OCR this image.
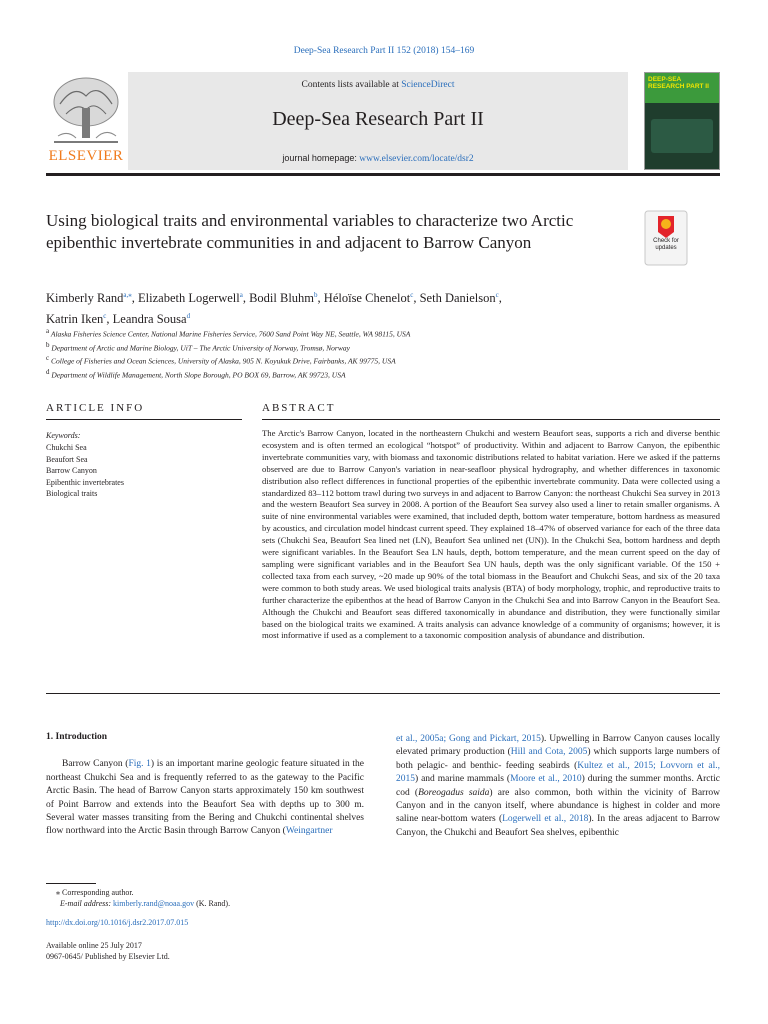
Deep-Sea Research Part II 152 (2018) 154–169
Contents lists available at ScienceDirect
Deep-Sea Research Part II
journal homepage: www.elsevier.com/locate/dsr2
ELSEVIER
DEEP-SEA RESEARCH PART II
Using biological traits and environmental variables to characterize two Arctic epibenthic invertebrate communities in and adjacent to Barrow Canyon	Check for
updates
Kimberly Rand$^{a,⁎}$, Elizabeth Logerwell$^a$, Bodil Bluhm$^b$, Héloïse Chenelot$^c$, Seth Danielson$^c$,
Katrin Iken$^c$, Leandra Sousa$^d$
$^a$ Alaska Fisheries Science Center, National Marine Fisheries Service, 7600 Sand Point Way NE, Seattle, WA 98115, USA
$^b$ Department of Arctic and Marine Biology, UiT – The Arctic University of Norway, Tromsø, Norway
$^c$ College of Fisheries and Ocean Sciences, University of Alaska, 905 N. Koyukuk Drive, Fairbanks, AK 99775, USA
$^d$ Department of Wildlife Management, North Slope Borough, PO BOX 69, Barrow, AK 99723, USA
ARTICLE INFO	ABSTRACT
Keywords:
Chukchi Sea
Beaufort Sea
Barrow Canyon
Epibenthic invertebrates
Biological traits
The Arctic's Barrow Canyon, located in the northeastern Chukchi and western Beaufort seas, supports a rich and diverse benthic ecosystem and is often termed an ecological “hotspot” of productivity. Within and adjacent to Barrow Canyon, the epibenthic invertebrate communities vary, with biomass and taxonomic distributions related to habitat variation. Here we asked if the patterns observed are due to Barrow Canyon's variation in near-seafloor physical hydrography, and whether differences in taxonomic distribution also reflect differences in functional properties of the epibenthic invertebrate community. Data were collected using a standardized 83–112 bottom trawl during two surveys in and adjacent to Barrow Canyon: the northeast Chukchi Sea survey in 2013 and the western Beaufort Sea survey in 2008. A portion of the Beaufort Sea survey also used a liner to retain smaller organisms. A suite of nine environmental variables were examined, that included depth, bottom water temperature, bottom hardness as measured by acoustics, and circulation model hindcast current speed. They explained 18–47% of observed variance for each of the three data sets (Chukchi Sea, Beaufort Sea lined net (LN), Beaufort Sea unlined net (UN)). In the Chukchi Sea, bottom hardness and depth were significant variables. In the Beaufort Sea LN hauls, depth, bottom temperature, and the mean current speed on the day of sampling were significant variables and in the Beaufort Sea UN hauls, depth was the only significant variable. Of the 150 + collected taxa from each survey, ~20 made up 90% of the total biomass in the Beaufort and Chukchi Seas, and six of the 20 taxa were common to both study areas. We used biological traits analysis (BTA) of body morphology, trophic, and reproductive traits to further characterize the epibenthos at the head of Barrow Canyon in the Chukchi Sea and into Barrow Canyon in the Beaufort Sea. Although the Chukchi and Beaufort seas differed taxonomically in abundance and distribution, they were functionally similar based on the biological traits we examined. A traits analysis can advance knowledge of a community of organisms; however, it is most informative if used as a complement to a taxonomic composition analysis of abundance and distribution.
1. Introduction
Barrow Canyon (Fig. 1) is an important marine geologic feature situated in the northeast Chukchi Sea and is frequently referred to as the gateway to the Pacific Arctic Basin. The head of Barrow Canyon starts approximately 150 km southwest of Point Barrow and extends into the Beaufort Sea with depths up to 300 m. Several water masses transiting from the Bering and Chukchi continental shelves flow northward into the Arctic Basin through Barrow Canyon (Weingartner
et al., 2005a; Gong and Pickart, 2015). Upwelling in Barrow Canyon causes locally elevated primary production (Hill and Cota, 2005) which supports large numbers of both pelagic- and benthic- feeding seabirds (Kultez et al., 2015; Lovvorn et al., 2015) and marine mammals (Moore et al., 2010) during the summer months. Arctic cod (Boreogadus saida) are also common, both within the vicinity of Barrow Canyon and in the canyon itself, where abundance is highest in colder and more saline near-bottom waters (Logerwell et al., 2018). In the areas adjacent to Barrow Canyon, the Chukchi and Beaufort Sea shelves, epibenthic
⁎ Corresponding author.
E-mail address: kimberly.rand@noaa.gov (K. Rand).
http://dx.doi.org/10.1016/j.dsr2.2017.07.015
Available online 25 July 2017
0967-0645/ Published by Elsevier Ltd.
